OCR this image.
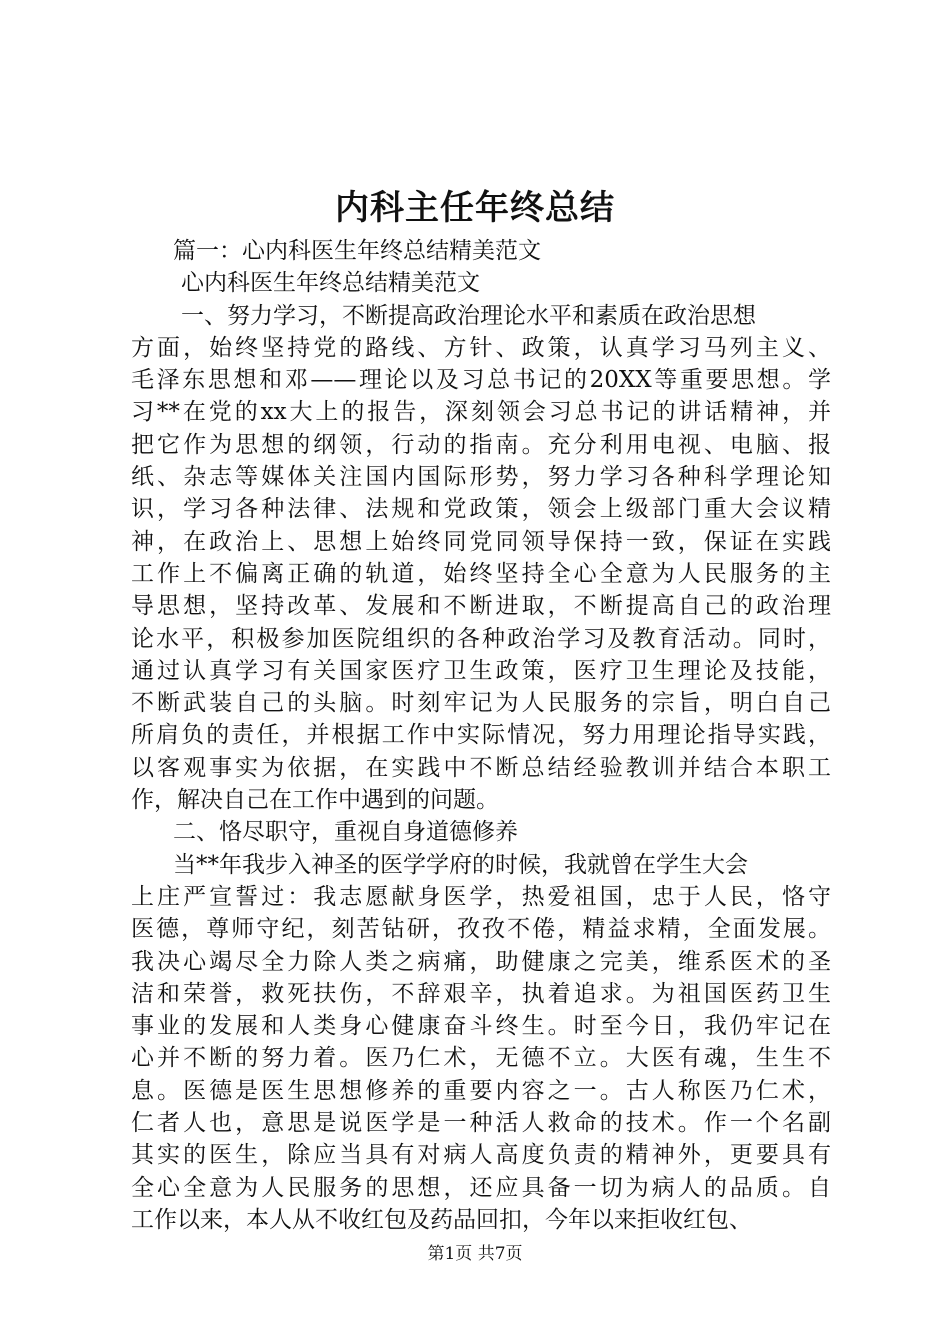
内科主任年终总结
篇一：心内科医生年终总结精美范文
心内科医生年终总结精美范文
一、努力学习，不断提高政治理论水平和素质在政治思想
方面，始终坚持党的路线、方针、政策，认真学习马列主义、
毛泽东思想和邓——理论以及习总书记的20XX等重要思想。学
习**在党的xx大上的报告，深刻领会习总书记的讲话精神，并
把它作为思想的纲领，行动的指南。充分利用电视、电脑、报
纸、杂志等媒体关注国内国际形势，努力学习各种科学理论知
识，学习各种法律、法规和党政策，领会上级部门重大会议精
神，在政治上、思想上始终同党同领导保持一致，保证在实践
工作上不偏离正确的轨道，始终坚持全心全意为人民服务的主
导思想，坚持改革、发展和不断进取，不断提高自己的政治理
论水平，积极参加医院组织的各种政治学习及教育活动。同时，
通过认真学习有关国家医疗卫生政策，医疗卫生理论及技能，
不断武装自己的头脑。时刻牢记为人民服务的宗旨，明白自己
所肩负的责任，并根据工作中实际情况，努力用理论指导实践，
以客观事实为依据，在实践中不断总结经验教训并结合本职工
作，解决自己在工作中遇到的问题。
二、恪尽职守，重视自身道德修养
当**年我步入神圣的医学学府的时候，我就曾在学生大会
上庄严宣誓过：我志愿献身医学，热爱祖国，忠于人民，恪守
医德，尊师守纪，刻苦钻研，孜孜不倦，精益求精，全面发展。
我决心竭尽全力除人类之病痛，助健康之完美，维系医术的圣
洁和荣誉，救死扶伤，不辞艰辛，执着追求。为祖国医药卫生
事业的发展和人类身心健康奋斗终生。时至今日，我仍牢记在
心并不断的努力着。医乃仁术，无德不立。大医有魂，生生不
息。医德是医生思想修养的重要内容之一。古人称医乃仁术，
仁者人也，意思是说医学是一种活人救命的技术。作一个名副
其实的医生，除应当具有对病人高度负责的精神外，更要具有
全心全意为人民服务的思想，还应具备一切为病人的品质。自
工作以来，本人从不收红包及药品回扣，今年以来拒收红包、
第1页 共7页
